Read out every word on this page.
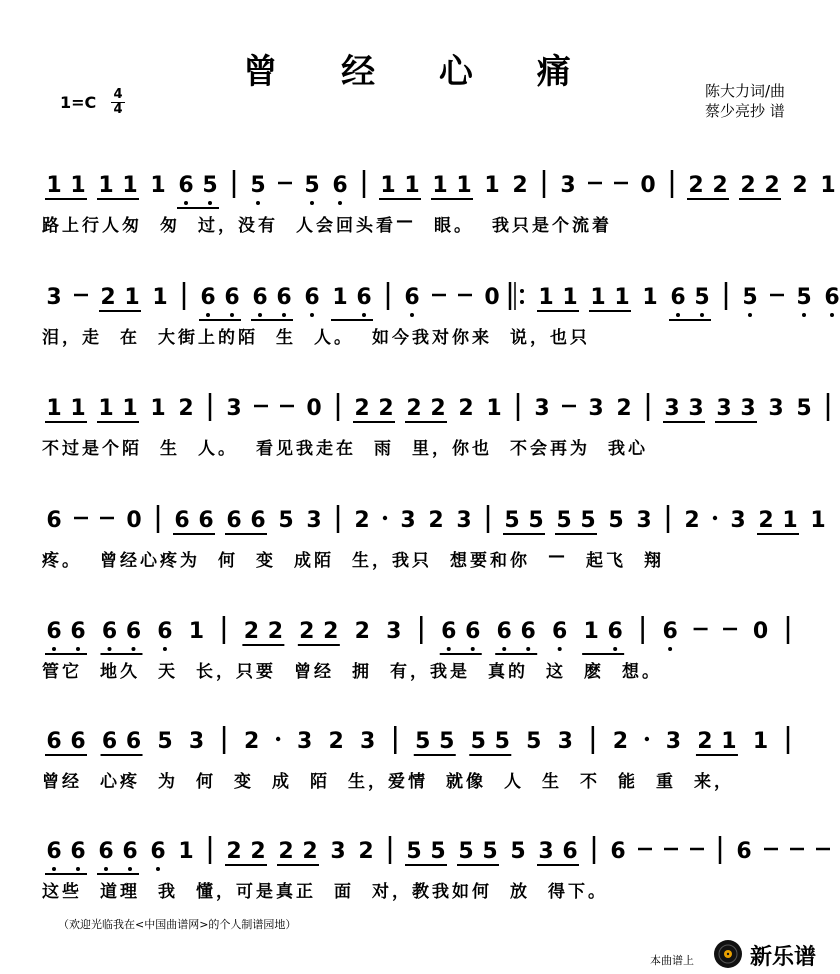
曾 经 心 痛
1=C 4
4
陈大力词/曲
蔡少亮抄 谱
1 1 1 1 1 6 5 5 5 6 1 1 1 1 1 2 3	0 2 2 2 2 2 1
3 2 1 1 6 6 6 6 6 1 6 6	0 1 1 1 1 1 6 5 5 5 6
1 1 1 1 1 2 3	0 2 2 2 2 2 1 3 3 2 3 3 3 3 3 5
6	0 6 6 6 6 5 3 2 3 2 3 5 5 5 5 5 3 2 3 2 1 1
6 6 6 6 6 1 2 2 2 2 2 3 6 6 6 6 6 1 6 6	0
6 6 6 6 5 3 2 3 2 3 5 5 5 5 5 3 2 3 2 1 1
6 6 6 6 6 1 2 2 2 2 3 2 5 5 5 5 5 3 6 6	6

路 上 行 人 匆 匆 过 ， 没 有 人 会 回 头 看 — 眼 。 我 只 是 个 流 着

泪 ， 走 在 大 街 上 的 陌 生 人 。 如 今 我 对 你 来 说 ， 也 只

不 过 是 个 陌 生 人 。 看 见 我 走 在 雨 里 ， 你 也 不 会 再 为 我 心

疼 。 曾 经 心 疼 为 何 变 成 陌 生 ， 我 只 想 要 和 你 — 起 飞 翔

管 它 地 久 天 长 ， 只 要 曾 经 拥 有 ， 我 是 真 的 这 麽 想 。

曾 经 心 疼 为 何 变 成 陌 生 ， 爱 情 就 像 人 生 不 能 重 来 ，

这 些 道 理 我 懂 ， 可 是 真 正 面 对 ， 教 我 如 何 放 得 下 。

（欢迎光临我在<中国曲谱网>的个人制谱园地）
本曲谱上	新乐谱
